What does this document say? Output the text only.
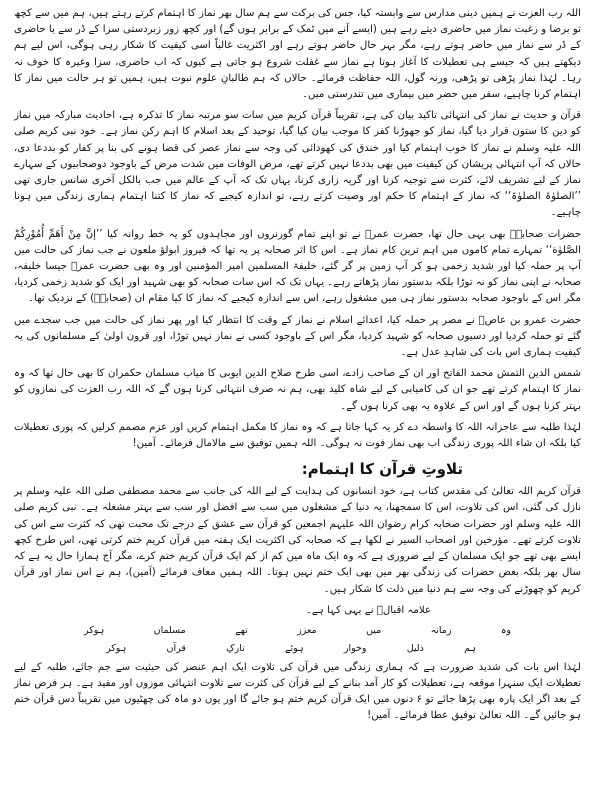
اللہ رب العزت نے ہمیں دینی مدارس سے وابستہ کیا، جس کی برکت سے ہم سال بھر نماز کا اہتمام کرتے رہتے ہیں، ہم میں سے کچھ تو برضا و رغبت نماز میں حاضری دیتے رہے ہیں (ایسے آنے میں ٹمک کے برابر ہوں گے) اور کچھ زور زبردستی سزا کے ڈر سے یا حاضری کے ڈر سے نماز میں حاضر ہوتے رہے، مگر بہر حال حاضر ہوتے رہے اور اکثریت غالباً اسی کیفیت کا شکار رہی ہوگی، اس لیے ہم دیکھتے ہیں کہ جیسے ہی تعطیلات کا آغاز ہوتا ہے نماز سے غفلت شروع ہو جاتی ہے کیوں کہ اب حاضری، سزا وغیرہ کا خوف نہ رہا۔ لہٰذا نماز پڑھی تو پڑھی، ورنہ گول، اللہ حفاظت فرمائے۔ حالاں کہ ہم طالبانِ علوم نبوت ہیں، ہمیں تو ہر حالت میں نماز کا اہتمام کرنا چاہیے، سفر میں حضر میں بیماری میں تندرستی میں۔

قرآن و حدیث نے نماز کی انتہائی تاکید بیان کی ہے، تقریباً قرآن کریم میں سات سو مرتبہ نماز کا تذکرہ ہے، احادیث مبارکہ میں نماز کو دین کا ستون قرار دیا گیا، نماز کو جھوڑنا کفر کا موجب بیان کیا گیا، توحید کے بعد اسلام کا اہم رکن نماز ہے۔ خود نبی کریم صلی اللہ علیہ وسلم نے نماز کا خوب اہتمام کیا اور خندق کی کھودائی کی وجہ سے نماز عصر کی قضا ہونے کی بنا پر کفار کو بددعا دی، حالاں کہ آپ انتہائی پریشان کن کیفیت میں بھی بددعا نہیں کرتے تھے، مرض الوفات میں شدت مرض کے باوجود دوصحابیوں کے سہارے نماز کے لیے تشریف لائے، کثرت سے توجیہ کرنا اور گریہ زاری کرنا، یہاں تک کہ آپ کے عالم میں جب بالکل آخری سانس جاری تھی ’’الصلوٰۃ الصلوٰۃ‘‘ کہ نماز کے اہتمام کا حکم اور وصیت کرتے رہے، تو اندازہ کیجیے کہ نماز کا کتنا اہتمام ہماری زندگی میں ہونا چاہیے۔

حضرات صحابہؓ بھی یہی حال تھا، حضرت عمرؓ نے تو اپنے تمام گورنروں اور مجاہدوں کو یہ خط روانہ کیا ’’إنَّ مِنْ أَهَمِّ أُمُوْرِكُمْ الصَّلوٰة‘‘ تمہارے تمام کاموں میں اہم ترین کام نماز ہے۔ اس کا اثر صحابہ پر یہ تھا کہ فیروز ابولؤ ملعون نے جب نماز کی حالت میں آپ پر حملہ کیا اور شدید زخمی ہو کر آپ زمین پر گر گئے، خلیفۃ المسلمین امیر المؤمنین اور وہ بھی حضرت عمرؓ جیسا خلیفہ، صحابہ نے اپنی نماز کو نہ توڑا بلکہ بدستور نماز پڑھاتے رہے۔ یہاں تک کہ اس سات صحابہ کو بھی شہید اور ایک کو شدید زخمی کردیا، مگر اس کے باوجود صحابہ بدستور نماز ہی میں مشغول رہے، اس سے اندازہ کیجیے کہ نماز کا کیا مقام ان (صحابہؓ) کے نزدیک تھا۔

حضرت عمرو بن عاصؓ نے مصر پر حملہ کیا، اعدائے اسلام نے نماز کے وقت کا انتظار کیا اور پھر نماز کی حالت میں جب سجدے میں گئے تو حملہ کردیا اور دسیوں صحابہ کو شہید کردیا، مگر اس کے باوجود کسی نے نماز نہیں توڑا، اور قرون اولیٰ کے مسلمانوں کی یہ کیفیت ہماری اس بات کی شاہدِ عدل ہے۔

شمس الدین التمش محمد الفاتح اور ان کے صاحب زادے، اسی طرح صلاح الدین ایوبی کا میاب مسلمان حکمران کا بھی حال تھا کہ وہ نماز کا اہتمام کرتے تھے جو ان کی کامیابی کے لیے شاہ کلید بھی، ہم نہ صرف انتہائی کرنا ہوں گے کہ اللہ رب العزت کی نمازوں کو بہتر کرنا ہوں گے اور اس کے علاوہ یہ بھی کرنا ہوں گے۔

لہٰذا طلبہ سے عاجزانہ اللہ کا واسطہ دے کر یہ کہا جاتا ہے کہ وہ نماز کا مکمل اہتمام کریں اور عزم مصمم کرلیں کہ پوری تعطیلات کیا بلکہ ان شاء اللہ پوری زندگی اب بھی نماز فوت نہ ہوگی۔ اللہ ہمیں توفیق سے مالامال فرمائے۔ آمین!

تلاوتِ قرآن کا اہتمام:

قرآن کریم اللہ تعالیٰ کی مقدس کتاب ہے، خود انسانوں کی ہدایت کے لیے اللہ کی جانب سے محمد مصطفی صلی اللہ علیہ وسلم پر نازل کی گئی، اس کی تلاوت، اس کا سمجھنا، یہ دنیا کے مشغلوں میں سب سے افضل اور سب سے بہتر مشغلہ ہے۔ نبی کریم صلی اللہ علیہ وسلم اور حضرات صحابہ کرام رضوان اللہ علیہم اجمعین کو قرآن سے عشق کے درجے تک محبت تھی کہ کثرت سے اس کی تلاوت کرتے تھے۔ مؤرخین اور اصحاب السیر نے لکھا ہے کہ صحابہ کی اکثریت ایک ہفتہ میں قرآن کریم ختم کرتی تھی، اس طرح کچھ ایسے بھی تھے جو ایک مسلمان کے لیے ضروری ہے کہ وہ ایک ماہ میں کم از کم ایک قرآن کریم ختم کرے، مگر آج ہمارا حال یہ ہے کہ سال بھر بلکہ بعض حضرات کی زندگی بھر میں بھی ایک ختم نہیں ہوتا۔ اللہ ہمیں معاف فرمائے (آمین)، ہم نے اس نماز اور قرآن کریم کو چھوڑنے کی وجہ سے ہم دنیا میں ذلت کا شکار ہیں۔

علامہ اقبالؒ نے یہی کہا ہے۔

وہ
زمانہ
میں
معزز
تھے
مسلماں
ہوکر
ہم
ذلیل
وخوار
ہوئے
تارکِ
قرآں
ہوکر

لہٰذا اس بات کی شدید ضرورت ہے کہ ہماری زندگی میں قرآن کی تلاوت ایک اہم عنصر کی حیثیت سے جم جائے، طلبہ کے لیے تعطیلات ایک سنہرا موقعہ ہے، تعطیلات کو کار آمد بنانے کے لیے قرآن کی کثرت سے تلاوت انتہائی موزوں اور مفید ہے۔ ہر فرض نماز کے بعد اگر ایک پارہ بھی پڑھا جائے تو ۶ دنوں میں ایک قرآن کریم ختم ہو جائے گا اور یوں دو ماہ کی چھٹیوں میں تقریباً دس قرآن ختم ہو جائیں گے۔ اللہ تعالیٰ توفیق عطا فرمائے۔ آمین!
